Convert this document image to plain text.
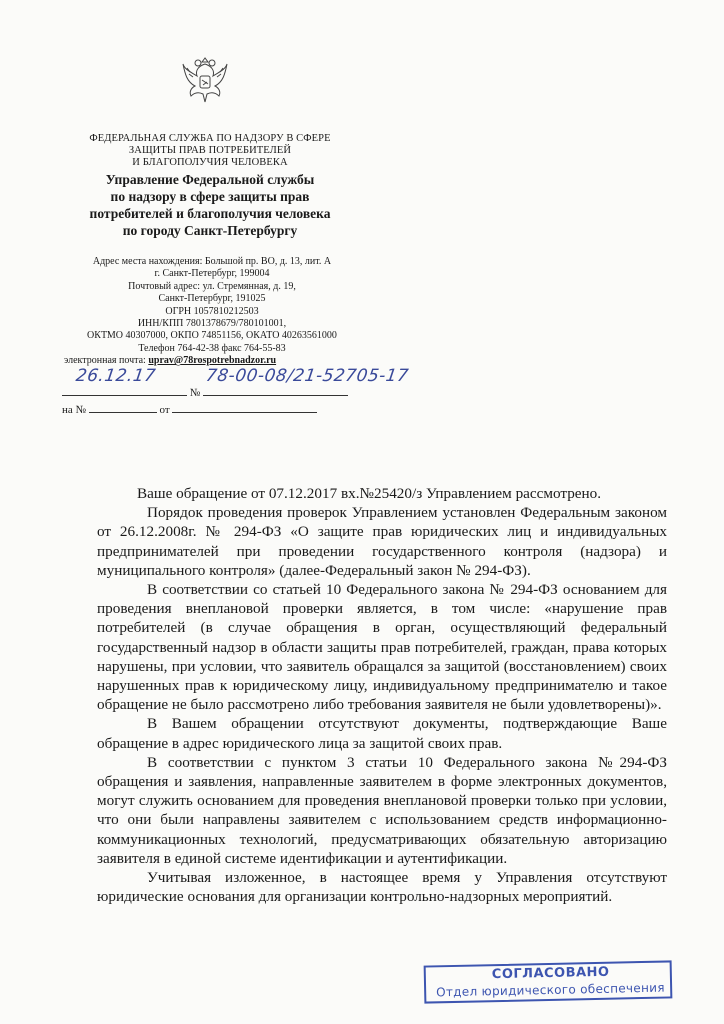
ФЕДЕРАЛЬНАЯ СЛУЖБА ПО НАДЗОРУ В СФЕРЕ
ЗАЩИТЫ ПРАВ ПОТРЕБИТЕЛЕЙ
И БЛАГОПОЛУЧИЯ ЧЕЛОВЕКА
Управление Федеральной службы
по надзору в сфере защиты прав
потребителей и благополучия человека
по городу Санкт-Петербургу
Адрес места нахождения: Большой пр. ВО, д. 13, лит. А
г. Санкт-Петербург, 199004
Почтовый адрес: ул. Стремянная, д. 19,
Санкт-Петербург, 191025
ОГРН 1057810212503
ИНН/КПП 7801378679/780101001,
ОКТМО 40307000, ОКПО 74851156, ОКАТО 40263561000
Телефон 764-42-38 факс 764-55-83
электронная почта: uprav@78rospotrebnadzor.ru
№
26.12.17	78-00-08/21-52705-17
на №	от

Ваше обращение от 07.12.2017 вх.№25420/з Управлением рассмотрено.

Порядок проведения проверок Управлением установлен Федеральным законом от 26.12.2008г. № 294-ФЗ «О защите прав юридических лиц и индивидуальных предпринимателей при проведении государственного контроля (надзора) и муниципального контроля» (далее-Федеральный закон № 294-ФЗ).

В соответствии со статьей 10 Федерального закона № 294-ФЗ основанием для проведения внеплановой проверки является, в том числе: «нарушение прав потребителей (в случае обращения в орган, осуществляющий федеральный государственный надзор в области защиты прав потребителей, граждан, права которых нарушены, при условии, что заявитель обращался за защитой (восстановлением) своих нарушенных прав к юридическому лицу, индивидуальному предпринимателю и такое обращение не было рассмотрено либо требования заявителя не были удовлетворены)».

В Вашем обращении отсутствуют документы, подтверждающие Ваше обращение в адрес юридического лица за защитой своих прав.

В соответствии с пунктом 3 статьи 10 Федерального закона №294-ФЗ обращения и заявления, направленные заявителем в форме электронных документов, могут служить основанием для проведения внеплановой проверки только при условии, что они были направлены заявителем с использованием средств информационно-коммуникационных технологий, предусматривающих обязательную авторизацию заявителя в единой системе идентификации и аутентификации.

Учитывая изложенное, в настоящее время у Управления отсутствуют юридические основания для организации контрольно-надзорных мероприятий.

СОГЛАСОВАНО
Отдел юридического обеспечения
